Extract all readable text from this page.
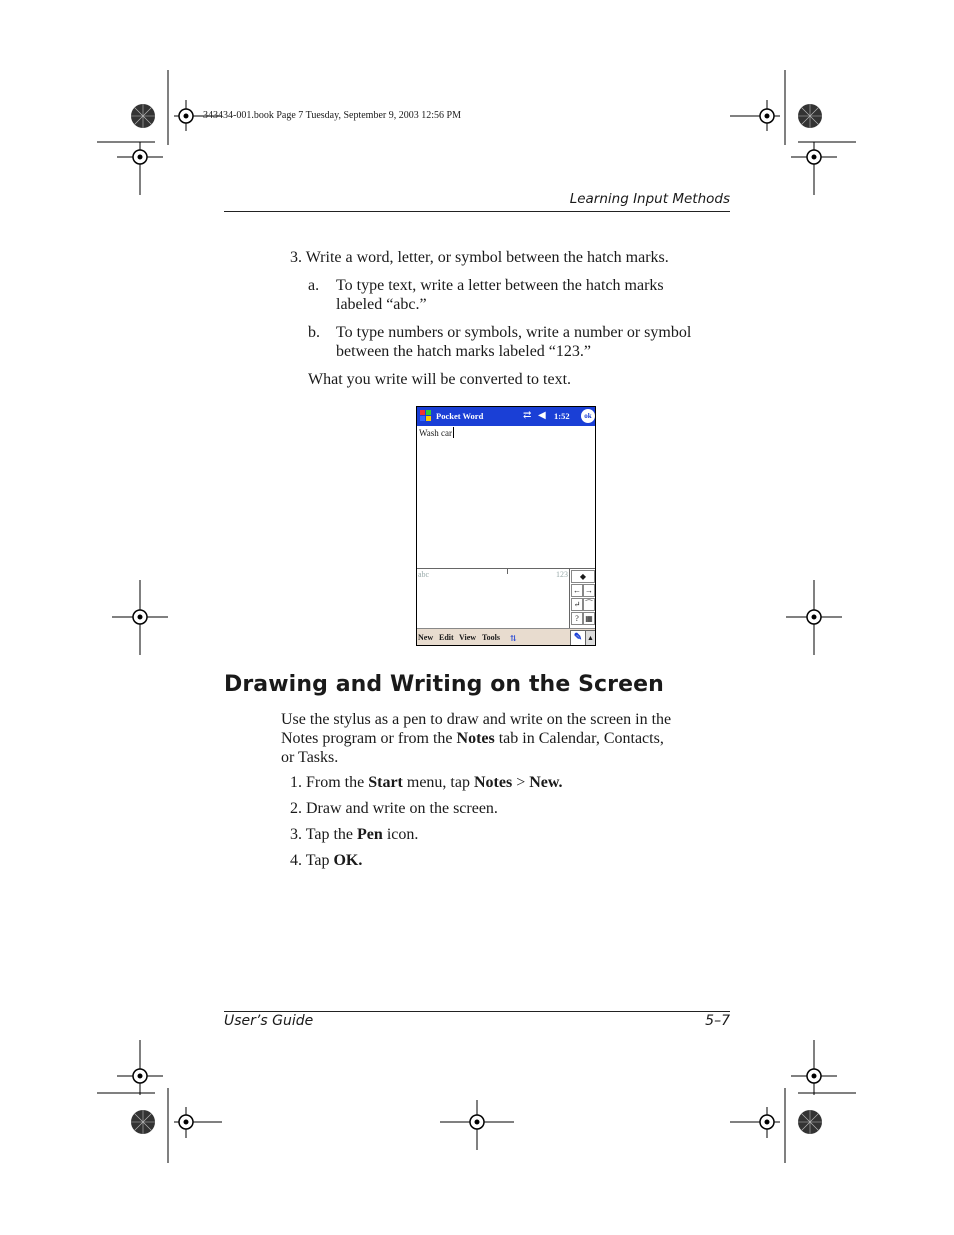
343434-001.book Page 7 Tuesday, September 9, 2003 12:56 PM
Learning Input Methods
3. Write a word, letter, or symbol between the hatch marks.
a. To type text, write a letter between the hatch marks
labeled “abc.”
b. To type numbers or symbols, write a number or symbol
between the hatch marks labeled “123.”
What you write will be converted to text.
Pocket Word	⇄ ◀ 1:52	ok
Wash car
abc	123	◆
← →
↵ ⁀
? ▦
New Edit View Tools ⇅	✎ ▲
Drawing and Writing on the Screen
Use the stylus as a pen to draw and write on the screen in the
Notes program or from the Notes tab in Calendar, Contacts,
or Tasks.
1. From the Start menu, tap Notes > New.
2. Draw and write on the screen.
3. Tap the Pen icon.
4. Tap OK.
User’s Guide	5–7
